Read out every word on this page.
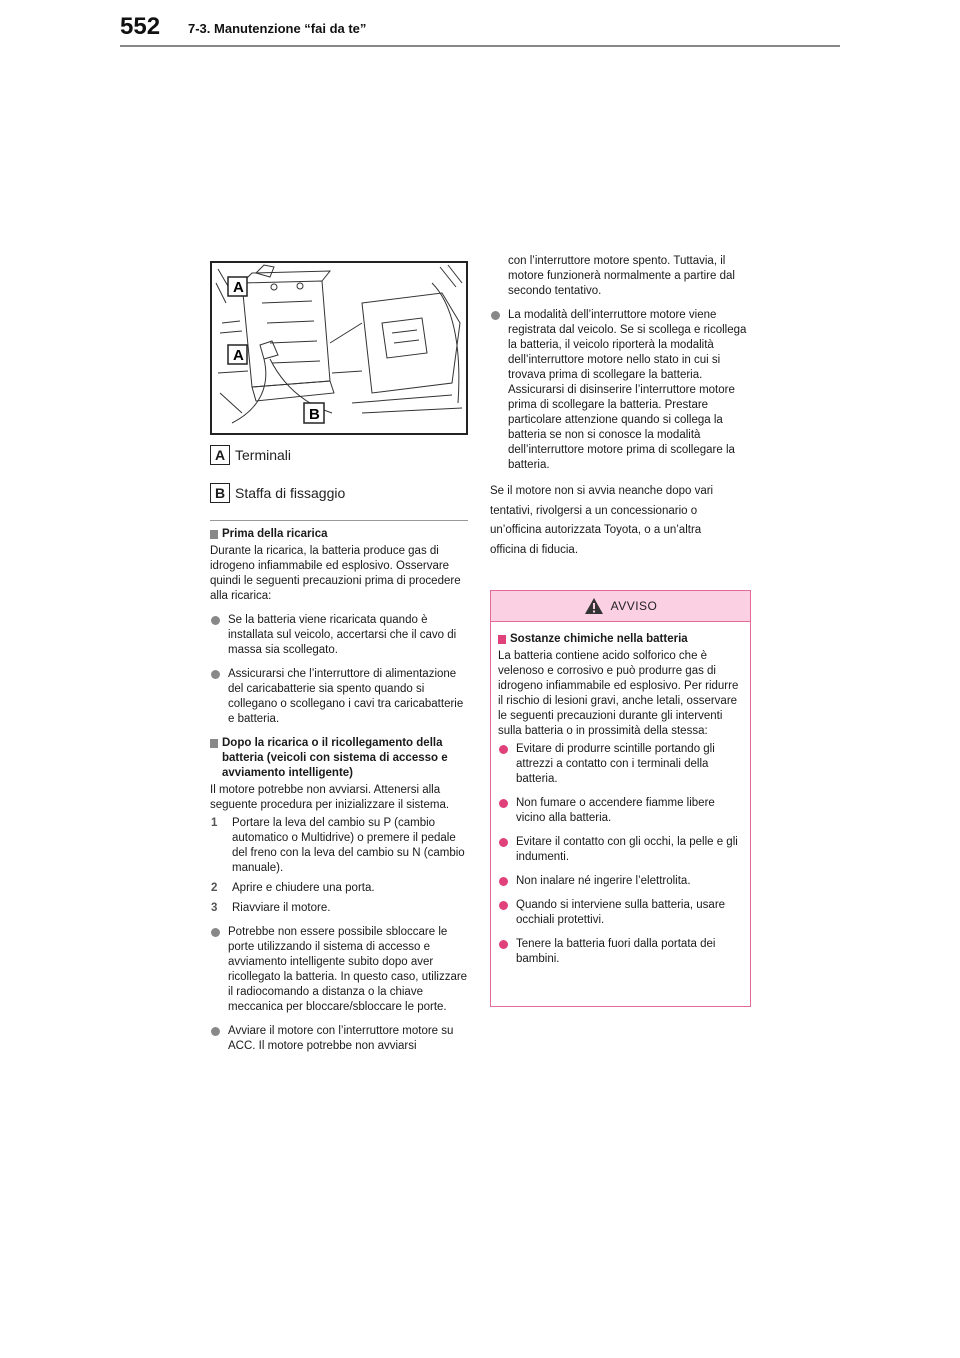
552 7-3. Manutenzione “fai da te”
A
A
B
A Terminali
B Staffa di fissaggio
Prima della ricarica
Durante la ricarica, la batteria produce gas di idrogeno infiammabile ed esplosivo. Osservare quindi le seguenti precauzioni prima di procedere alla ricarica:
Se la batteria viene ricaricata quando è installata sul veicolo, accertarsi che il cavo di massa sia scollegato.
Assicurarsi che l’interruttore di alimentazione del caricabatterie sia spento quando si collegano o scollegano i cavi tra caricabatterie e batteria.
Dopo la ricarica o il ricollegamento della batteria (veicoli con sistema di accesso e avviamento intelligente)
Il motore potrebbe non avviarsi. Attenersi alla seguente procedura per inizializzare il sistema.
1 Portare la leva del cambio su P (cambio automatico o Multidrive) o premere il pedale del freno con la leva del cambio su N (cambio manuale).
2 Aprire e chiudere una porta.
3 Riavviare il motore.
Potrebbe non essere possibile sbloccare le porte utilizzando il sistema di accesso e avviamento intelligente subito dopo aver ricollegato la batteria. In questo caso, utilizzare il radiocomando a distanza o la chiave meccanica per bloccare/sbloccare le porte.
Avviare il motore con l’interruttore motore su ACC. Il motore potrebbe non avviarsi
con l’interruttore motore spento. Tuttavia, il motore funzionerà normalmente a partire dal secondo tentativo.
La modalità dell’interruttore motore viene registrata dal veicolo. Se si scollega e ricollega la batteria, il veicolo riporterà la modalità dell’interruttore motore nello stato in cui si trovava prima di scollegare la batteria. Assicurarsi di disinserire l’interruttore motore prima di scollegare la batteria. Prestare particolare attenzione quando si collega la batteria se non si conosce la modalità dell’interruttore motore prima di scollegare la batteria.
Se il motore non si avvia neanche dopo vari
tentativi, rivolgersi a un concessionario o
un’officina autorizzata Toyota, o a un’altra
officina di fiducia.
AVVISO
Sostanze chimiche nella batteria
La batteria contiene acido solforico che è velenoso e corrosivo e può produrre gas di idrogeno infiammabile ed esplosivo. Per ridurre il rischio di lesioni gravi, anche letali, osservare le seguenti precauzioni durante gli interventi sulla batteria o in prossimità della stessa:
Evitare di produrre scintille portando gli attrezzi a contatto con i terminali della batteria.
Non fumare o accendere fiamme libere vicino alla batteria.
Evitare il contatto con gli occhi, la pelle e gli indumenti.
Non inalare né ingerire l’elettrolita.
Quando si interviene sulla batteria, usare occhiali protettivi.
Tenere la batteria fuori dalla portata dei bambini.
